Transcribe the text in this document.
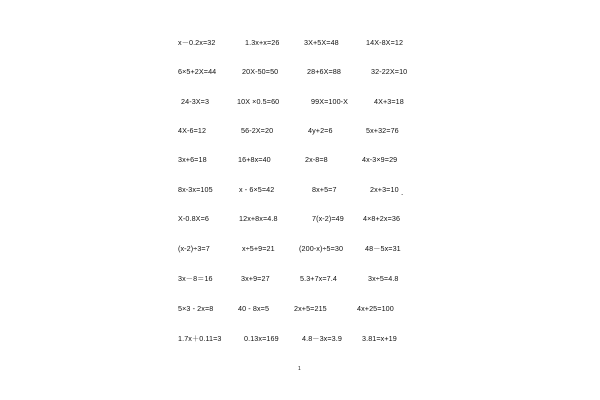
x－0.2x=32	1.3x+x=26	3X+5X=48	14X-8X=12
6×5+2X=44	20X-50=50	28+6X=88	32-22X=10
24-3X=3	10X ×0.5=60	99X=100-X	4X+3=18
4X-6=12	56-2X=20	4y+2=6	5x+32=76
3x+6=18	16+8x=40	2x-8=8	4x-3×9=29
8x-3x=105	x - 6×5=42	8x+5=7	2x+3=10 .
X-0.8X=6	12x+8x=4.8	7(x-2)=49	4×8+2x=36
(x-2)÷3=7	x÷5+9=21	(200-x)÷5=30	48－5x=31
3x－8＝16	3x+9=27	5.3+7x=7.4	3x÷5=4.8
5×3 - 2x=8	40 - 8x=5	2x+5=215	4x+25=100
1.7x＋0.11=3	0.13x=169	4.8－3x=3.9	3.81=x+19
1
